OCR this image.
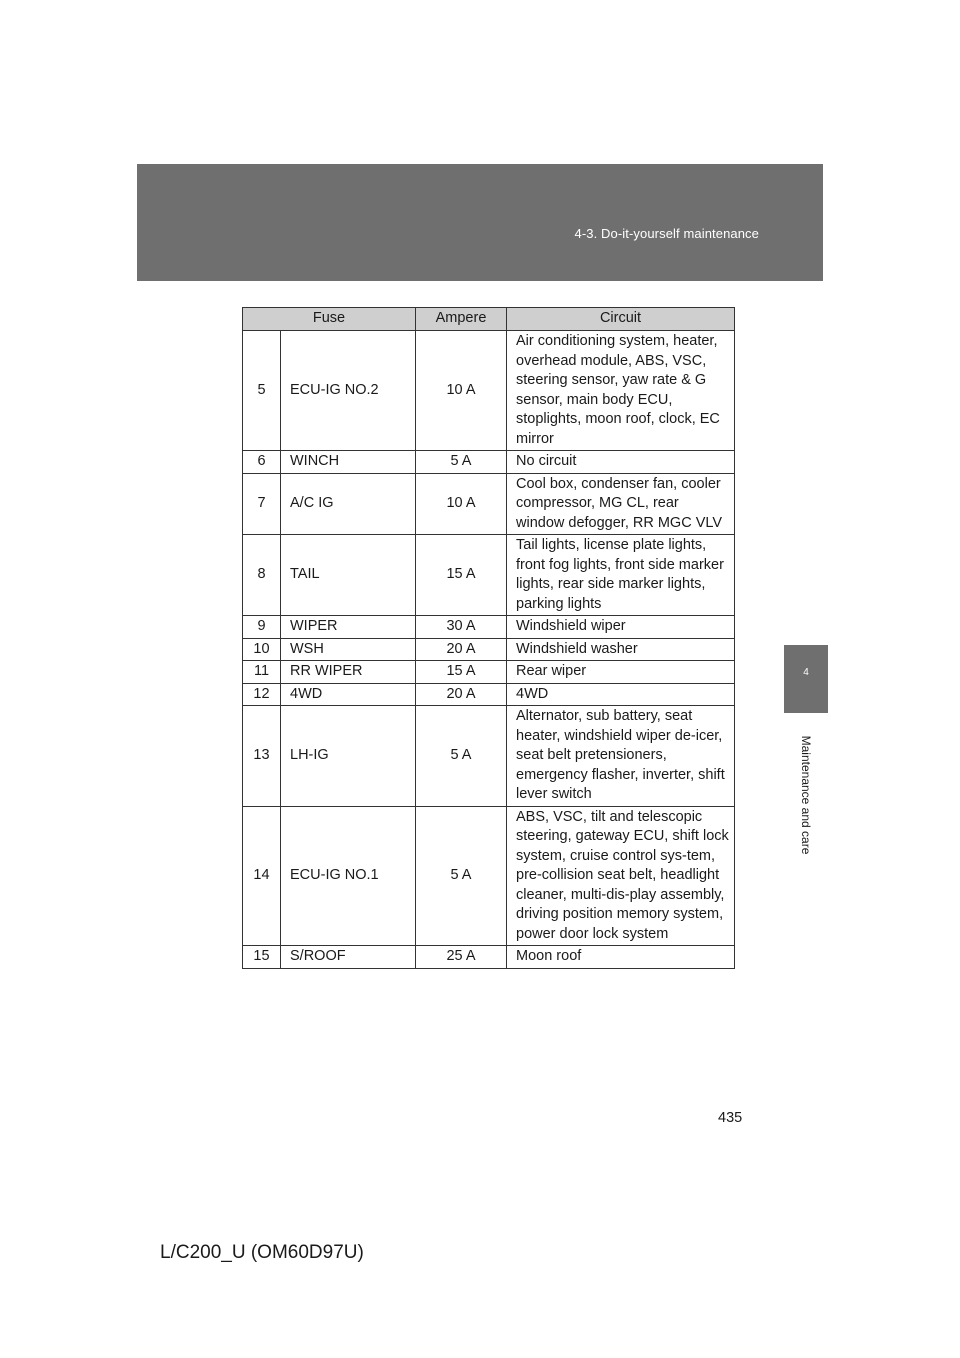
4-3. Do-it-yourself maintenance
4
Maintenance and care
Fuse		Ampere	Circuit
5	ECU-IG NO.2	10 A	Air conditioning system, heater, overhead module, ABS, VSC, steering sensor, yaw rate & G sensor, main body ECU, stoplights, moon roof, clock, EC mirror
6	WINCH	5 A	No circuit
7	A/C IG	10 A	Cool box, condenser fan, cooler compressor, MG CL, rear window defogger, RR MGC VLV
8	TAIL	15 A	Tail lights, license plate lights, front fog lights, front side marker lights, rear side marker lights, parking lights
9	WIPER	30 A	Windshield wiper
10	WSH	20 A	Windshield washer
11	RR WIPER	15 A	Rear wiper
12	4WD	20 A	4WD
13	LH-IG	5 A	Alternator, sub battery, seat heater, windshield wiper de-icer, seat belt pretensioners, emergency flasher, inverter, shift lever switch
14	ECU-IG NO.1	5 A	ABS, VSC, tilt and telescopic steering, gateway ECU, shift lock system, cruise control sys-tem, pre-collision seat belt, headlight cleaner, multi-dis-play assembly, driving position memory system, power door lock system
15	S/ROOF	25 A	Moon roof
435
L/C200_U (OM60D97U)
